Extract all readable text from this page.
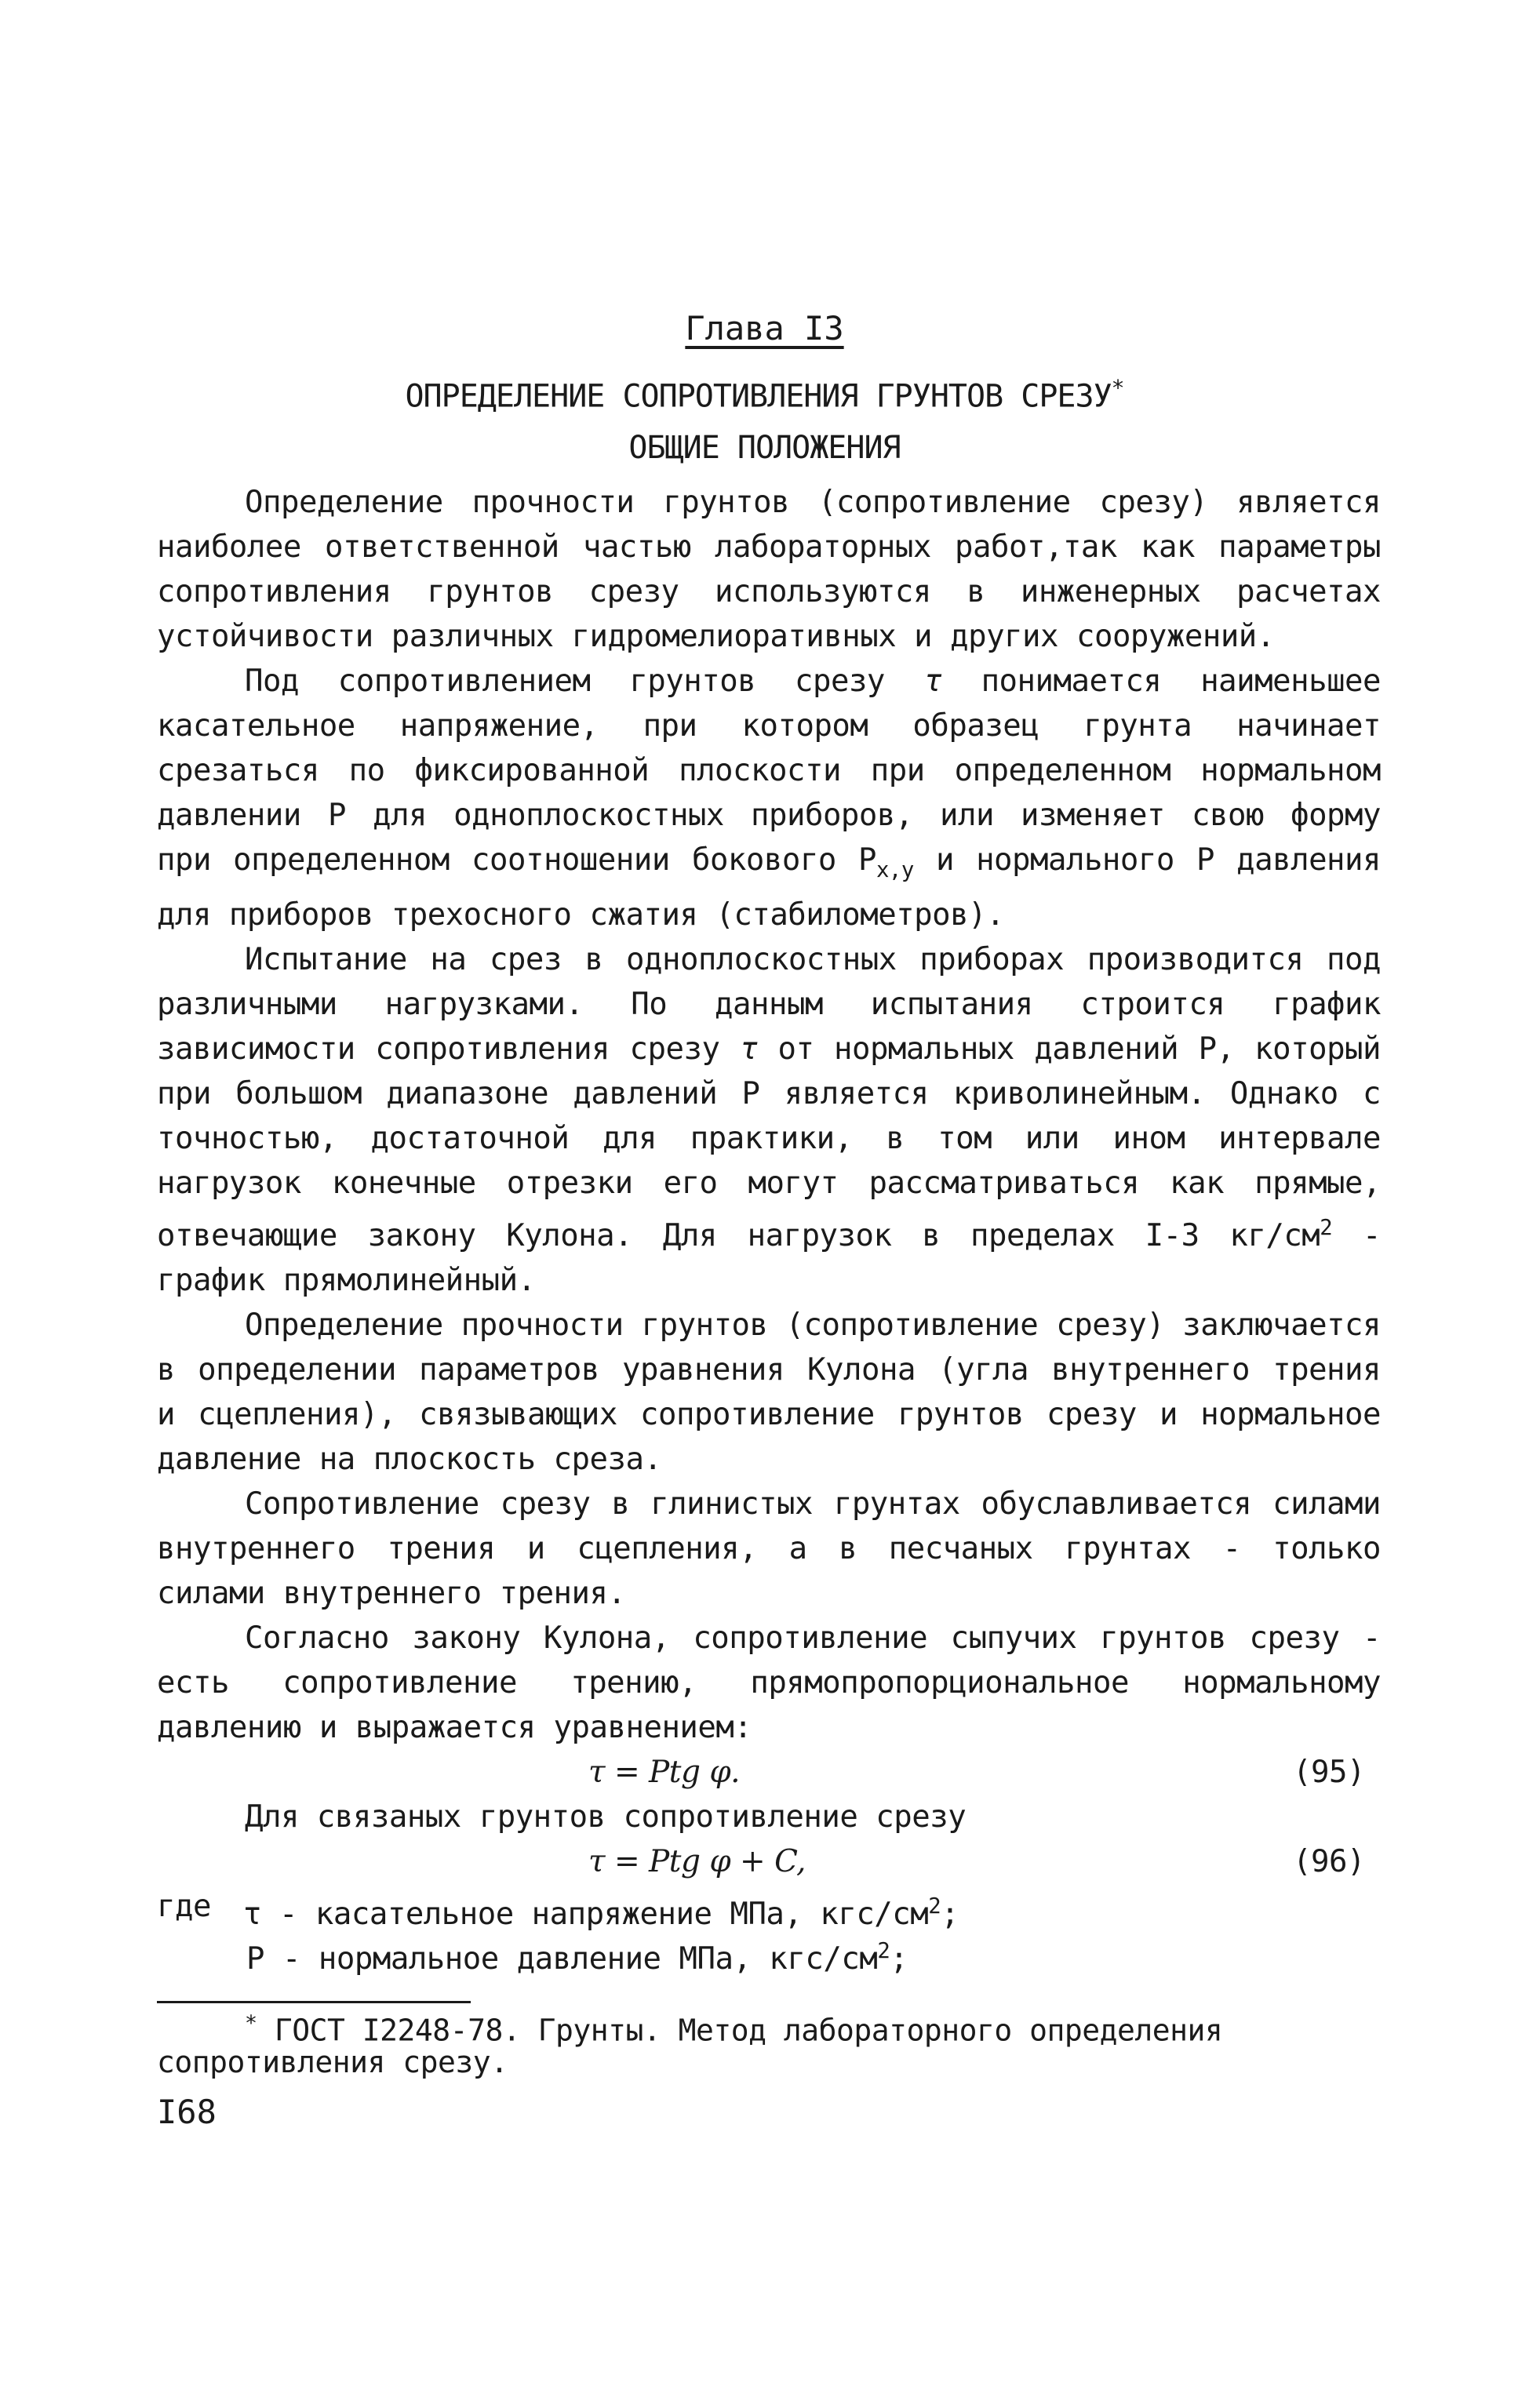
Глава I3
ОПРЕДЕЛЕНИЕ СОПРОТИВЛЕНИЯ ГРУНТОВ СРЕЗУ*
ОБЩИЕ ПОЛОЖЕНИЯ

Определение прочности грунтов (сопротивление срезу) является наиболее ответственной частью лабораторных работ,так как параметры сопротивления грунтов срезу используются в инженерных расчетах устойчивости различных гидромелиоративных и других сооружений.

Под сопротивлением грунтов срезу τ понимается наименьшее касательное напряжение, при котором образец грунта начинает срезаться по фиксированной плоскости при определенном нормальном давлении Р для одноплоскостных приборов, или изменяет свою форму при определенном соотношении бокового $Р_{x,y}$ и нормального Р давления для приборов трехосного сжатия (стабилометров).

Испытание на срез в одноплоскостных приборах производится под различными нагрузками. По данным испытания строится график зависимости сопротивления срезу τ от нормальных давлений Р, который при большом диапазоне давлений Р является криволинейным. Однако с точностью, достаточной для практики, в том или ином интервале нагрузок конечные отрезки его могут рассматриваться как прямые, отвечающие закону Кулона. Для нагрузок в пределах I-3 $кг/см^2$ - график прямолинейный.

Определение прочности грунтов (сопротивление срезу) заключается в определении параметров уравнения Кулона (угла внутреннего трения и сцепления), связывающих сопротивление грунтов срезу и нормальное давление на плоскость среза.

Сопротивление срезу в глинистых грунтах обуславливается силами внутреннего трения и сцепления, а в песчаных грунтах - только силами внутреннего трения.

Согласно закону Кулона, сопротивление сыпучих грунтов срезу - есть сопротивление трению, прямопропорциональное нормальному давлению и выражается уравнением:

τ = Ptg φ.	(95)
Для связаных грунтов сопротивление срезу
τ = Ptg φ + C,	(96)
где τ - касательное напряжение МПа, кгс/$см^2$;
Р - нормальное давление МПа, кгс/$см^2$;
* ГОСТ I2248-78. Грунты. Метод лабораторного определения
сопротивления срезу.
I68
